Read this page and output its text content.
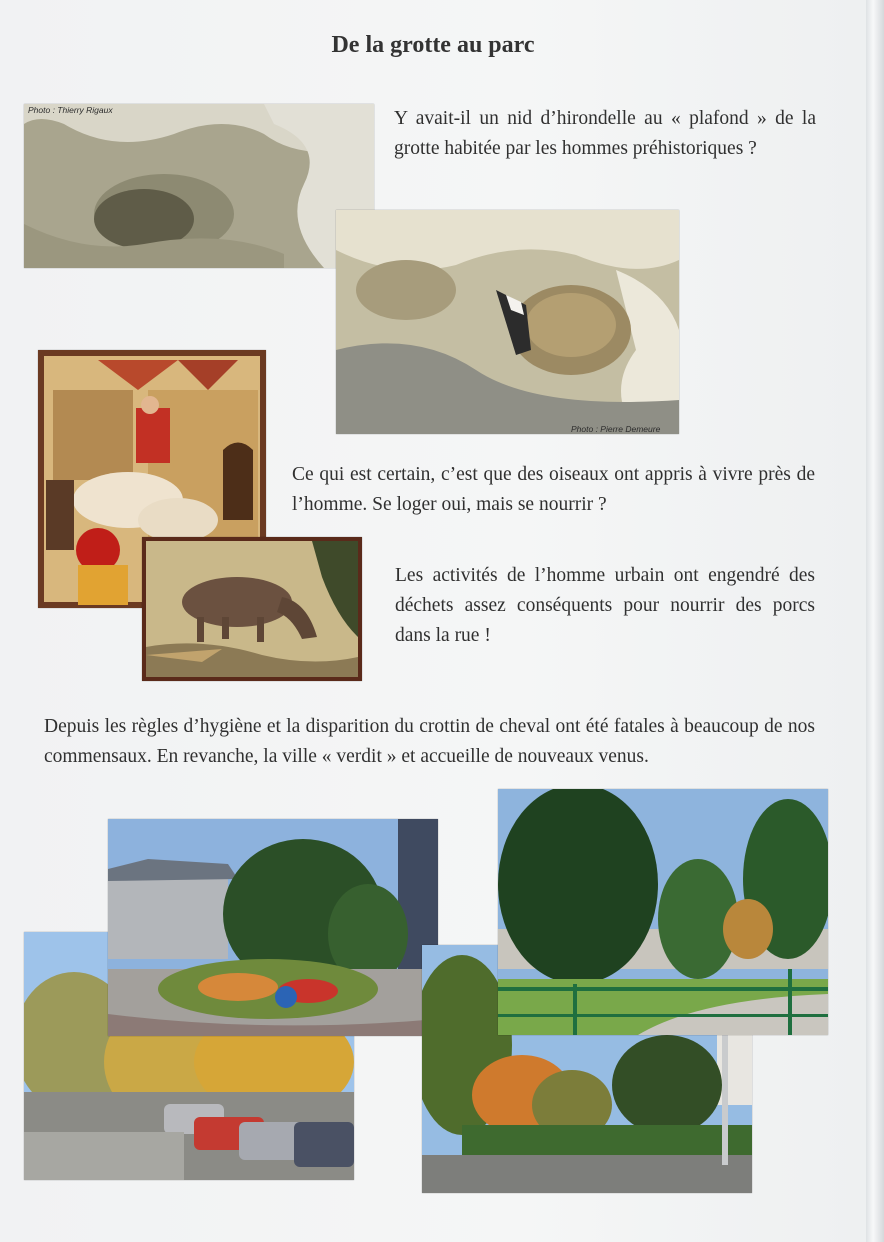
De la grotte au parc
Photo : Thierry Rigaux
Photo : Pierre Demeure
Y avait-il un nid d’hirondelle au « plafond » de la grotte habitée par les hommes préhistoriques ?
Ce qui est certain, c’est que des oiseaux ont appris à vivre près de l’homme. Se loger oui, mais se nourrir ?
Les activités de l’homme urbain ont engendré des déchets assez conséquents pour nourrir des porcs dans la rue !
Depuis les règles d’hygiène et la disparition du crottin de cheval ont été fatales à beaucoup de nos commensaux. En revanche, la ville « verdit » et accueille de nouveaux venus.
